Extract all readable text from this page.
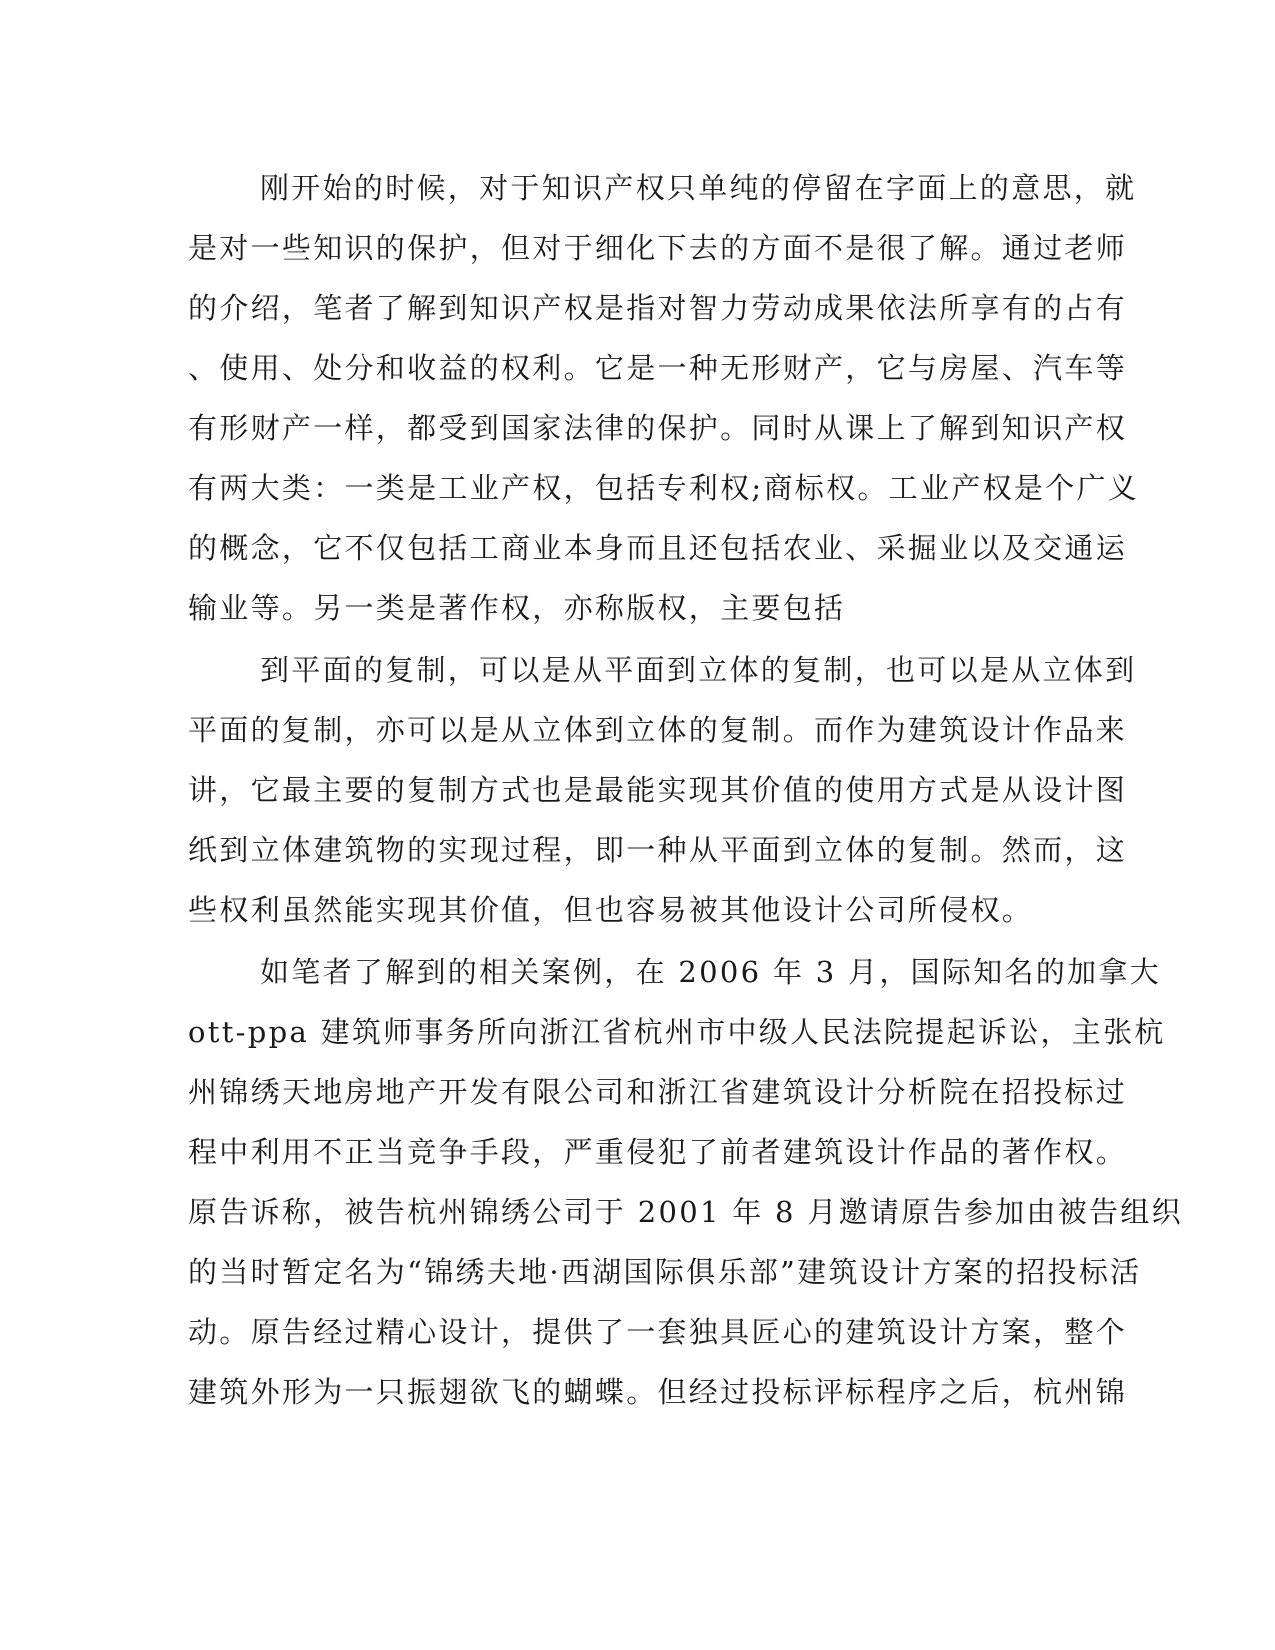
刚开始的时候，对于知识产权只单纯的停留在字面上的意思，就
是对一些知识的保护，但对于细化下去的方面不是很了解。通过老师
的介绍，笔者了解到知识产权是指对智力劳动成果依法所享有的占有
、使用、处分和收益的权利。它是一种无形财产，它与房屋、汽车等
有形财产一样，都受到国家法律的保护。同时从课上了解到知识产权
有两大类：一类是工业产权，包括专利权;商标权。工业产权是个广义
的概念，它不仅包括工商业本身而且还包括农业、采掘业以及交通运
输业等。另一类是著作权，亦称版权，主要包括
到平面的复制，可以是从平面到立体的复制，也可以是从立体到
平面的复制，亦可以是从立体到立体的复制。而作为建筑设计作品来
讲，它最主要的复制方式也是最能实现其价值的使用方式是从设计图
纸到立体建筑物的实现过程，即一种从平面到立体的复制。然而，这
些权利虽然能实现其价值，但也容易被其他设计公司所侵权。
如笔者了解到的相关案例，在 2006 年 3 月，国际知名的加拿大
ott-ppa 建筑师事务所向浙江省杭州市中级人民法院提起诉讼，主张杭
州锦绣天地房地产开发有限公司和浙江省建筑设计分析院在招投标过
程中利用不正当竞争手段，严重侵犯了前者建筑设计作品的著作权。
原告诉称，被告杭州锦绣公司于 2001 年 8 月邀请原告参加由被告组织
的当时暂定名为“锦绣夫地·西湖国际俱乐部”建筑设计方案的招投标活
动。原告经过精心设计，提供了一套独具匠心的建筑设计方案，整个
建筑外形为一只振翅欲飞的蝴蝶。但经过投标评标程序之后，杭州锦
